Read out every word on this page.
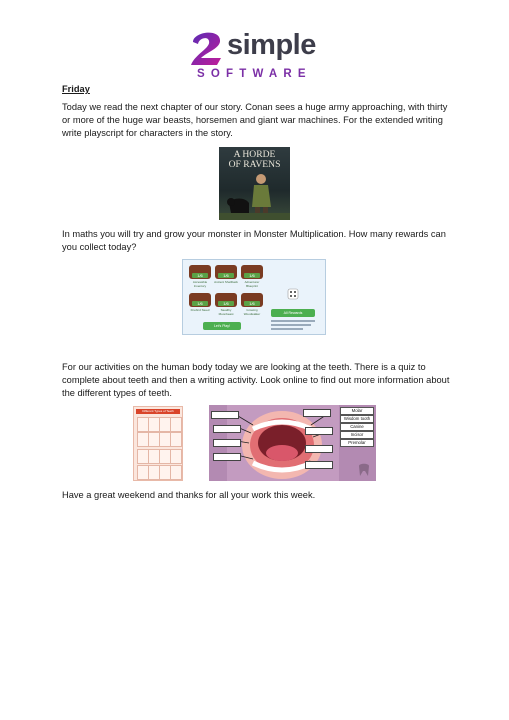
simple
SOFTWARE

Friday

Today we read the next chapter of our story. Conan sees a huge army approaching, with thirty or more of the huge war beasts, horsemen and giant war machines. For the extended writing write playscript for characters in the story.

A HORDE
OF RAVENS

In maths you will try and grow your monster in Monster Multiplication. How many rewards can you collect today?

1/6	1/6	1/6
Accessible Inventory
Ancient Shellback	Adventurer Blueprint
1/6	1/6	1/6
Firebird Steed	Stealthy Moonbeast
Growing Woodwalker
Let's Play!
All Rewards

For our activities on the human body today we are looking at the teeth. There is a quiz to complete about teeth and then a writing activity. Look online to find out more information about the different types of teeth.

Different Types of Teeth	Molar
Wisdom tooth
Canine
Incisor
Premolar

Have a great weekend and thanks for all your work this week.
